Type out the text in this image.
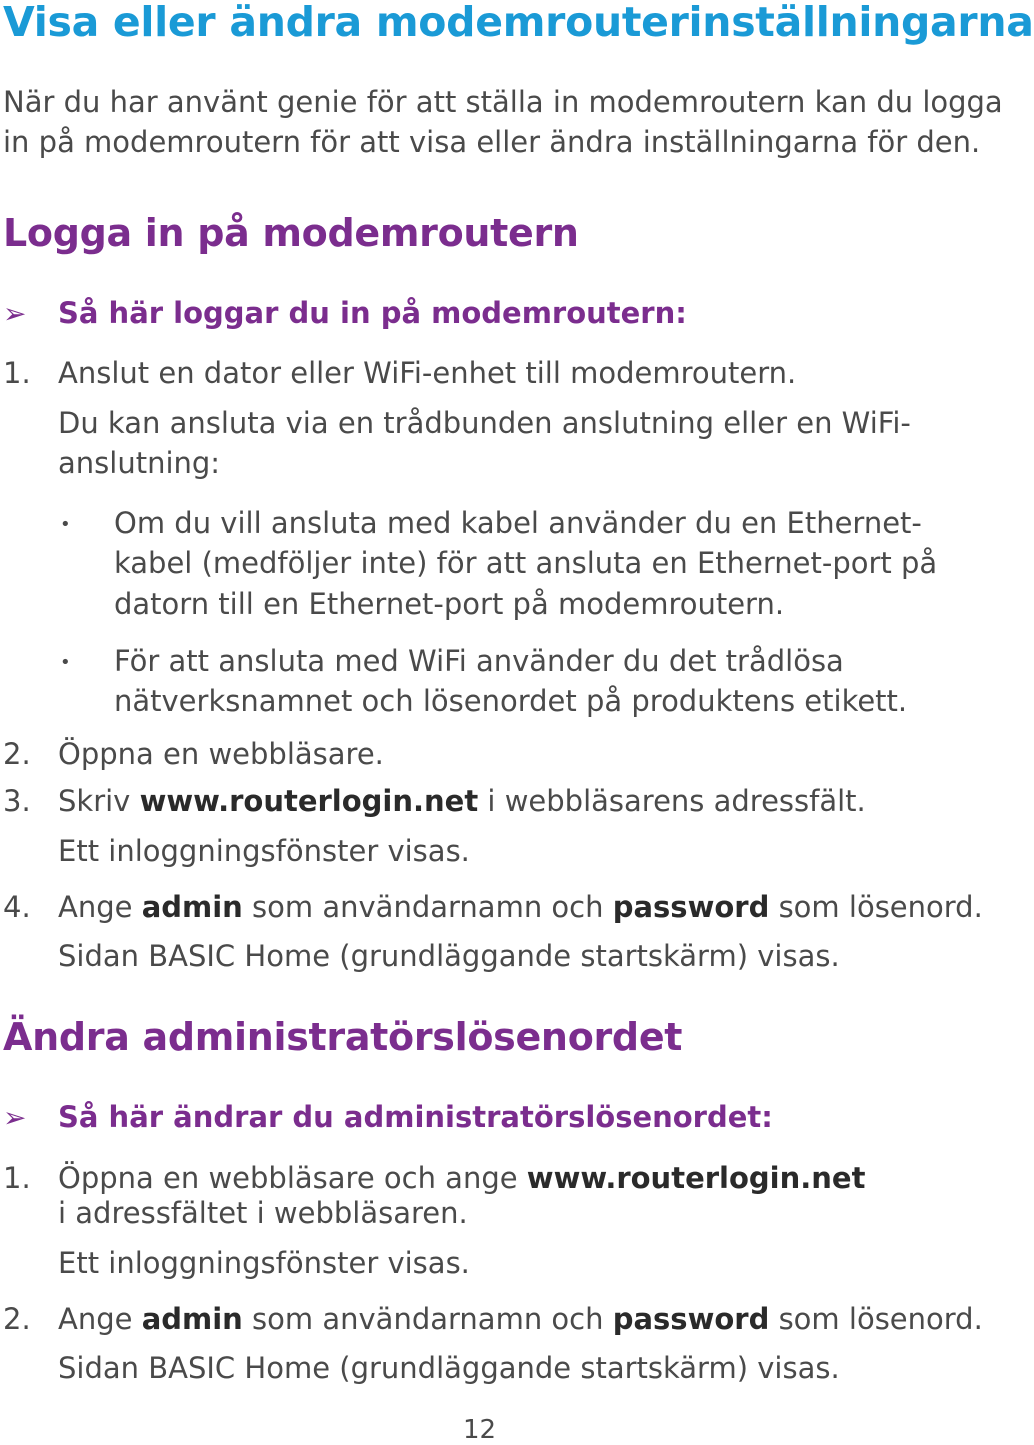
Visa eller ändra modemrouterinställningarna
När du har använt genie för att ställa in modemroutern kan du logga
in på modemroutern för att visa eller ändra inställningarna för den.
Logga in på modemroutern
➢ Så här loggar du in på modemroutern:
1. Anslut en dator eller WiFi-enhet till modemroutern.
Du kan ansluta via en trådbunden anslutning eller en WiFi-
anslutning:
• Om du vill ansluta med kabel använder du en Ethernet-
kabel (medföljer inte) för att ansluta en Ethernet-port på
datorn till en Ethernet-port på modemroutern.
• För att ansluta med WiFi använder du det trådlösa
nätverksnamnet och lösenordet på produktens etikett.
2. Öppna en webbläsare.
3. Skriv www.routerlogin.net i webbläsarens adressfält.
Ett inloggningsfönster visas.
4. Ange admin som användarnamn och password som lösenord.
Sidan BASIC Home (grundläggande startskärm) visas.
Ändra administratörslösenordet
➢ Så här ändrar du administratörslösenordet:
1. Öppna en webbläsare och ange www.routerlogin.net
i adressfältet i webbläsaren.
Ett inloggningsfönster visas.
2. Ange admin som användarnamn och password som lösenord.
Sidan BASIC Home (grundläggande startskärm) visas.
12
